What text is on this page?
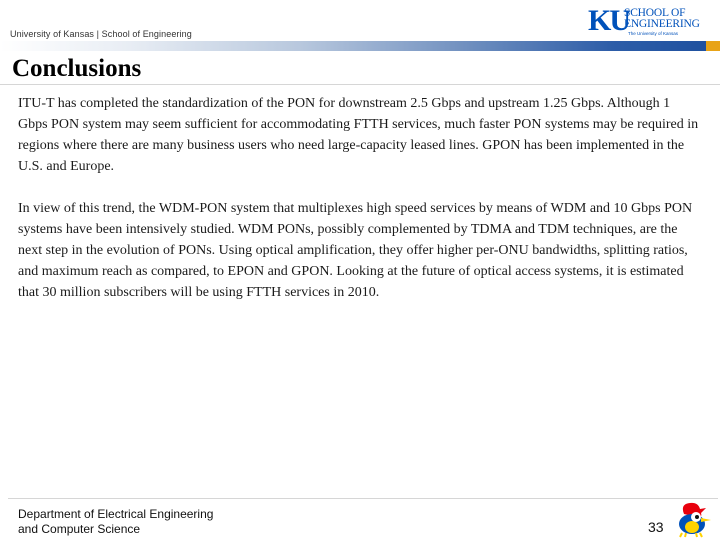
University of Kansas | School of Engineering	KU
SCHOOL OF
ENGINEERING
The University of Kansas
Conclusions

ITU-T has completed the standardization of the PON for downstream 2.5 Gbps and upstream 1.25 Gbps. Although 1 Gbps PON system may seem sufficient for accommodating FTTH services, much faster PON systems may be required in regions where there are many business users who need large-capacity leased lines. GPON has been implemented in the U.S. and Europe.

In view of this trend, the WDM-PON system that multiplexes high speed services by means of WDM and 10 Gbps PON systems have been intensively studied. WDM PONs, possibly complemented by TDMA and TDM techniques, are the next step in the evolution of PONs. Using optical amplification, they offer higher per-ONU bandwidths, splitting ratios, and maximum reach as compared, to EPON and GPON. Looking at the future of optical access systems, it is estimated that 30 million subscribers will be using FTTH services in 2010.

Department of Electrical Engineering
and Computer Science	33
